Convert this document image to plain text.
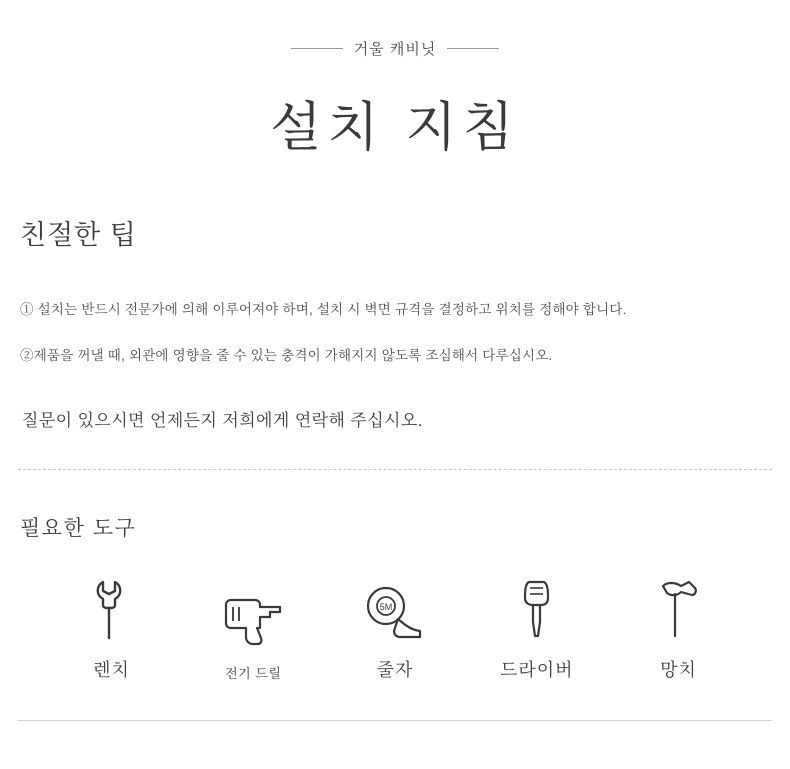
거울 캐비닛
설치 지침
친절한 팁
① 설치는 반드시 전문가에 의해 이루어져야 하며, 설치 시 벽면 규격을 결정하고 위치를 정해야 합니다.
②제품을 꺼낼 때, 외관에 영향을 줄 수 있는 충격이 가해지지 않도록 조심해서 다루십시오.
질문이 있으시면 언제든지 저희에게 연락해 주십시오.
필요한 도구
렌치	전기 드릴
5M
줄자	드라이버	망치
